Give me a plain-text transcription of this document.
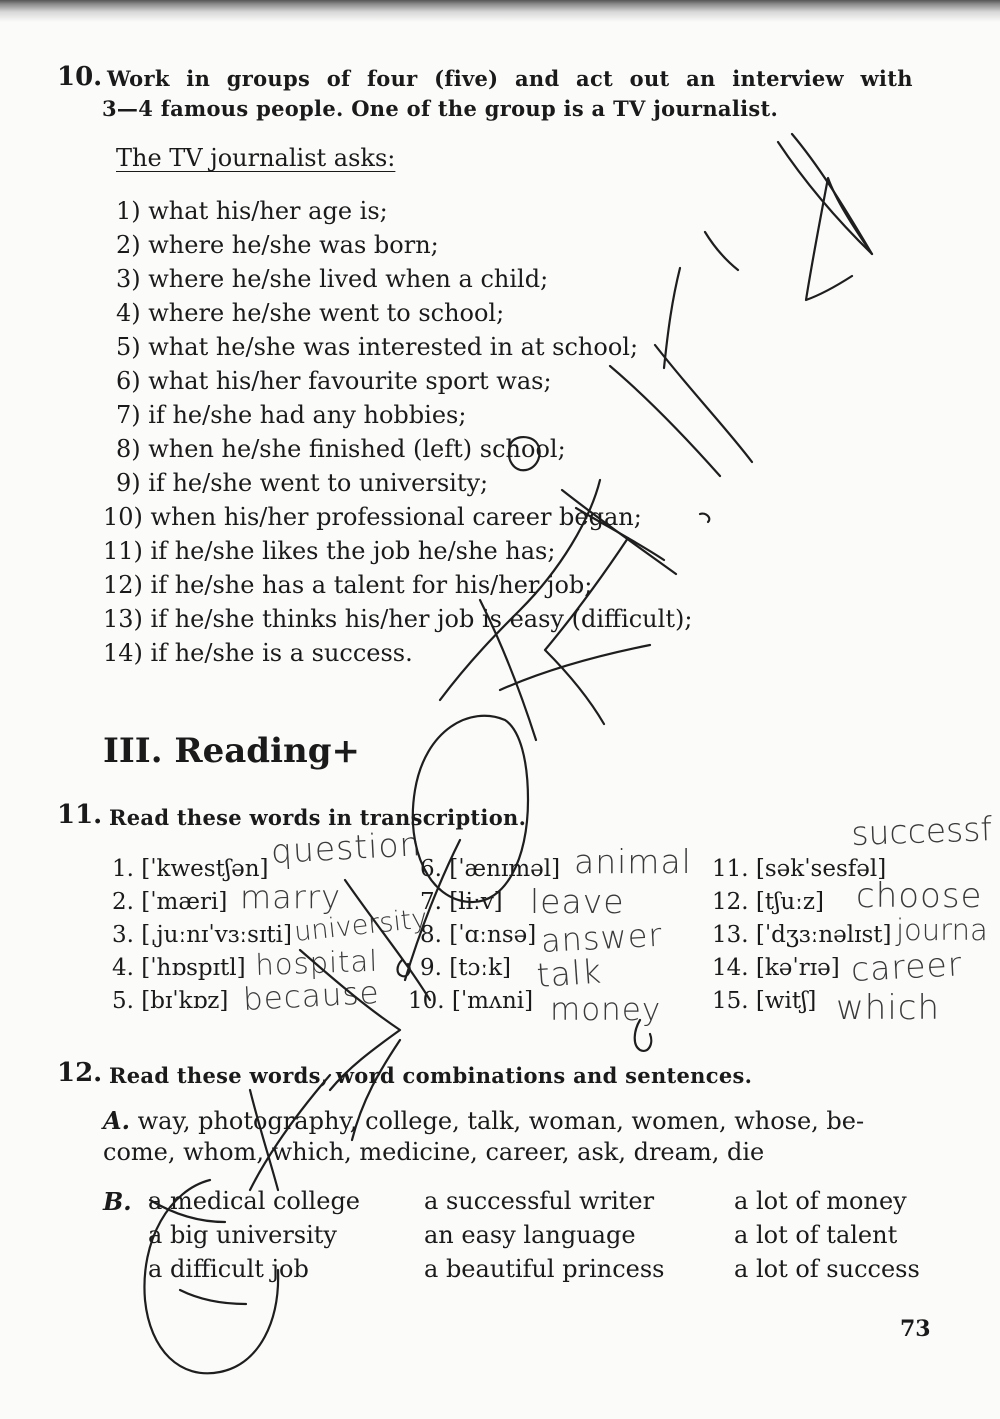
10. Work in groups of four (five) and act out an interview with
3—4 famous people. One of the group is a TV journalist.
The TV journalist asks:
1) what his/her age is;
2) where he/she was born;
3) where he/she lived when a child;
4) where he/she went to school;
5) what he/she was interested in at school;
6) what his/her favourite sport was;
7) if he/she had any hobbies;
8) when he/she finished (left) school;
9) if he/she went to university;
10) when his/her professional career began;
11) if he/she likes the job he/she has;
12) if he/she has a talent for his/her job;
13) if he/she thinks his/her job is easy (difficult);
14) if he/she is a success.
III. Reading+
11. Read these words in transcription.
1. [ˈkwestʃən]
2. [ˈmæri]
3. [ˌjuːnɪˈvɜːsɪti]
4. [ˈhɒspɪtl]
5. [bɪˈkɒz]
6. [ˈænɪməl]
7. [liːv]
8. [ˈɑːnsə]
9. [tɔːk]
10. [ˈmʌni]
11. [səkˈsesfəl]
12. [tʃuːz]
13. [ˈdʒɜːnəlɪst]
14. [kəˈrɪə]
15. [witʃ]
question
marry
university
hospital
because
animal
leave
answer
talk
money
successf
choose
journa
career
which
12. Read these words, word combinations and sentences.
A. way, photography, college, talk, woman, women, whose, be-
come, whom, which, medicine, career, ask, dream, die
B. a medical college
a big university
a difficult job
a successful writer
an easy language
a beautiful princess
a lot of money
a lot of talent
a lot of success
73
